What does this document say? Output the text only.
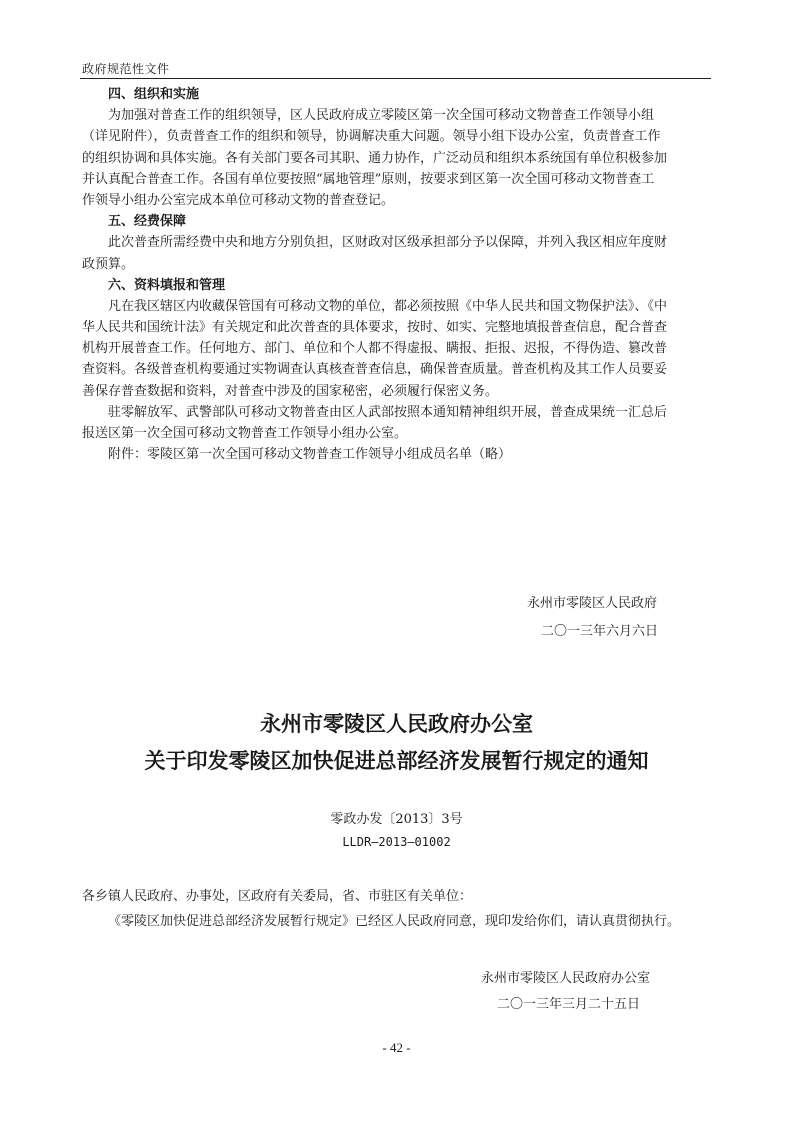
政府规范性文件
四、组织和实施
为加强对普查工作的组织领导，区人民政府成立零陵区第一次全国可移动文物普查工作领导小组
（详见附件），负责普查工作的组织和领导，协调解决重大问题。领导小组下设办公室，负责普查工作
的组织协调和具体实施。各有关部门要各司其职、通力协作，广泛动员和组织本系统国有单位积极参加
并认真配合普查工作。各国有单位要按照“属地管理”原则，按要求到区第一次全国可移动文物普查工
作领导小组办公室完成本单位可移动文物的普查登记。
五、经费保障
此次普查所需经费中央和地方分别负担，区财政对区级承担部分予以保障，并列入我区相应年度财
政预算。
六、资料填报和管理
凡在我区辖区内收藏保管国有可移动文物的单位，都必须按照《中华人民共和国文物保护法》、《中
华人民共和国统计法》有关规定和此次普查的具体要求，按时、如实、完整地填报普查信息，配合普查
机构开展普查工作。任何地方、部门、单位和个人都不得虚报、瞒报、拒报、迟报，不得伪造、篡改普
查资料。各级普查机构要通过实物调查认真核查普查信息，确保普查质量。普查机构及其工作人员要妥
善保存普查数据和资料，对普查中涉及的国家秘密，必须履行保密义务。
驻零解放军、武警部队可移动文物普查由区人武部按照本通知精神组织开展，普查成果统一汇总后
报送区第一次全国可移动文物普查工作领导小组办公室。
附件：零陵区第一次全国可移动文物普查工作领导小组成员名单（略）
永州市零陵区人民政府
二〇一三年六月六日
永州市零陵区人民政府办公室
关于印发零陵区加快促进总部经济发展暂行规定的通知
零政办发〔2013〕3号
LLDR—2013—01002
各乡镇人民政府、办事处，区政府有关委局，省、市驻区有关单位：
《零陵区加快促进总部经济发展暂行规定》已经区人民政府同意，现印发给你们，请认真贯彻执行。
永州市零陵区人民政府办公室
二〇一三年三月二十五日
- 42 -
